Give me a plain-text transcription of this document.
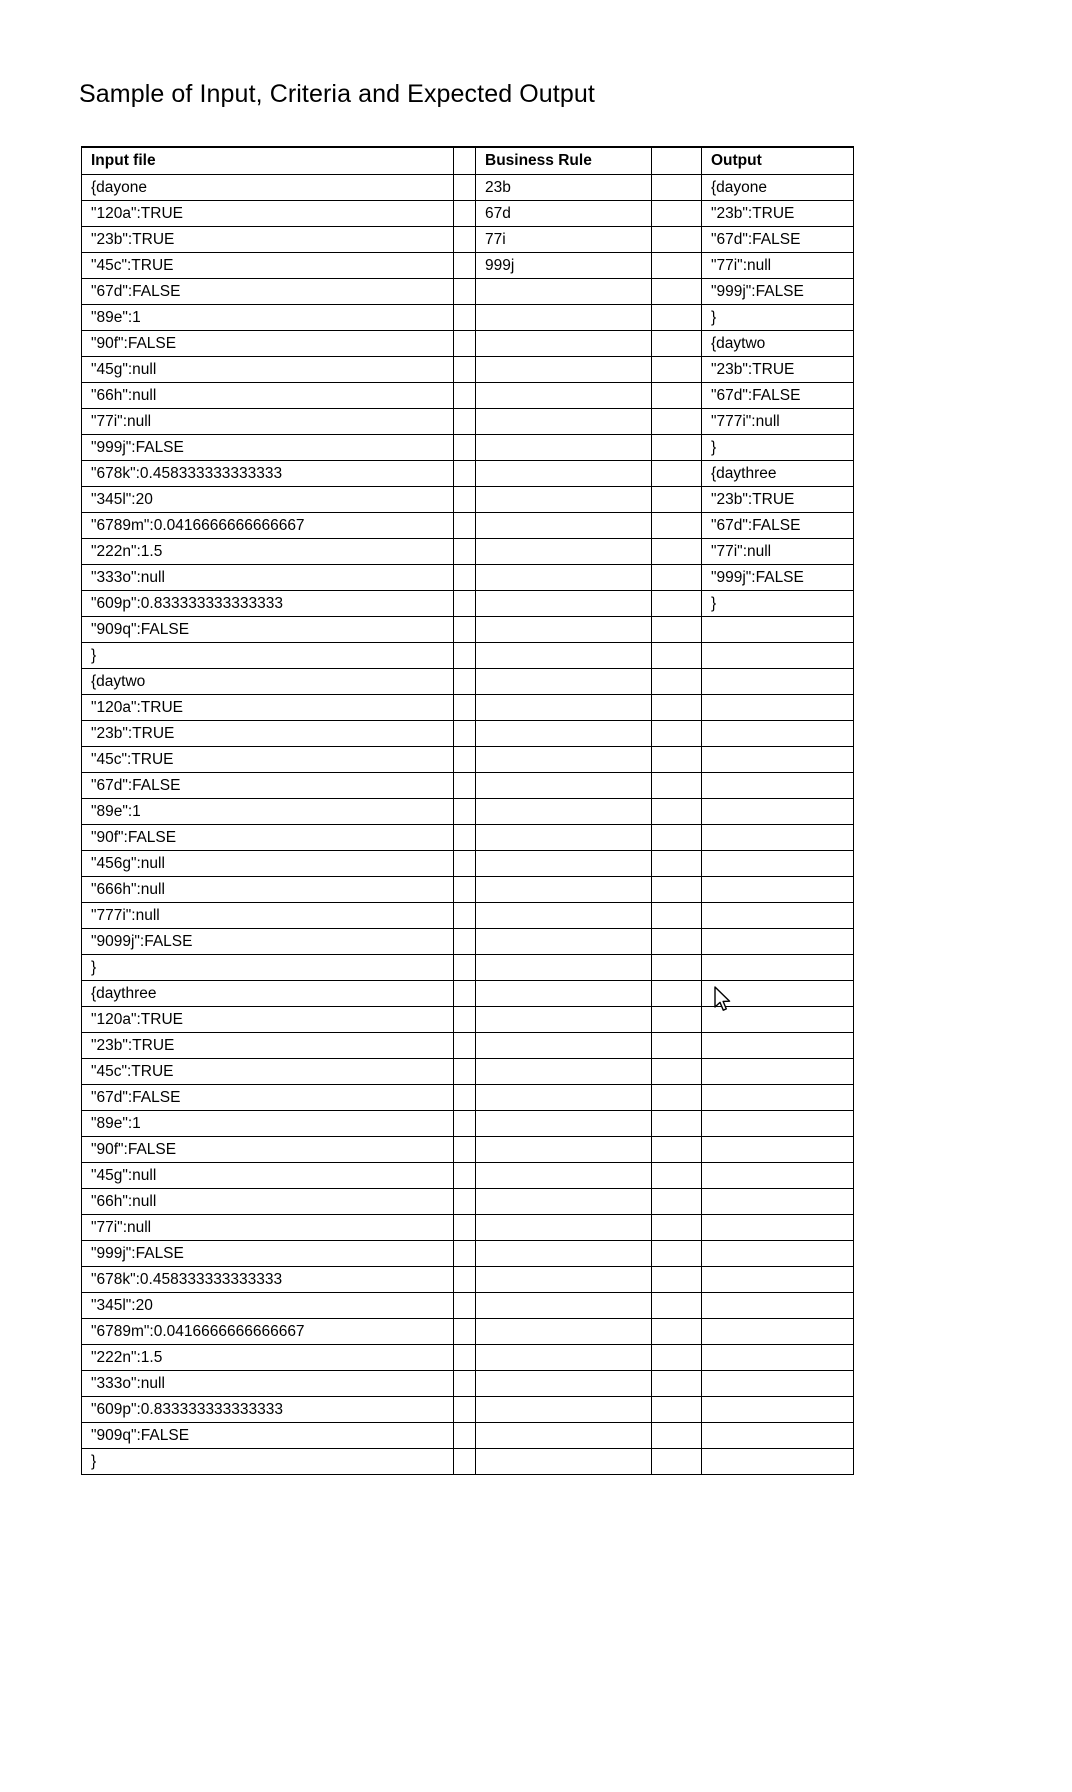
Sample of Input, Criteria and Expected Output
Input file		Business Rule		Output
{dayone		23b		{dayone
"120a":TRUE		67d		"23b":TRUE
"23b":TRUE		77i		"67d":FALSE
"45c":TRUE		999j		"77i":null
"67d":FALSE				"999j":FALSE
"89e":1				}
"90f":FALSE				{daytwo
"45g":null				"23b":TRUE
"66h":null				"67d":FALSE
"77i":null				"777i":null
"999j":FALSE				}
"678k":0.458333333333333				{daythree
"345l":20				"23b":TRUE
"6789m":0.0416666666666667				"67d":FALSE
"222n":1.5				"77i":null
"333o":null				"999j":FALSE
"609p":0.833333333333333				}
"909q":FALSE				
}				
{daytwo				
"120a":TRUE				
"23b":TRUE				
"45c":TRUE				
"67d":FALSE				
"89e":1				
"90f":FALSE				
"456g":null				
"666h":null				
"777i":null				
"9099j":FALSE				
}				
{daythree				
"120a":TRUE				
"23b":TRUE				
"45c":TRUE				
"67d":FALSE				
"89e":1				
"90f":FALSE				
"45g":null				
"66h":null				
"77i":null				
"999j":FALSE				
"678k":0.458333333333333				
"345l":20				
"6789m":0.0416666666666667				
"222n":1.5				
"333o":null				
"609p":0.833333333333333				
"909q":FALSE				
}				
